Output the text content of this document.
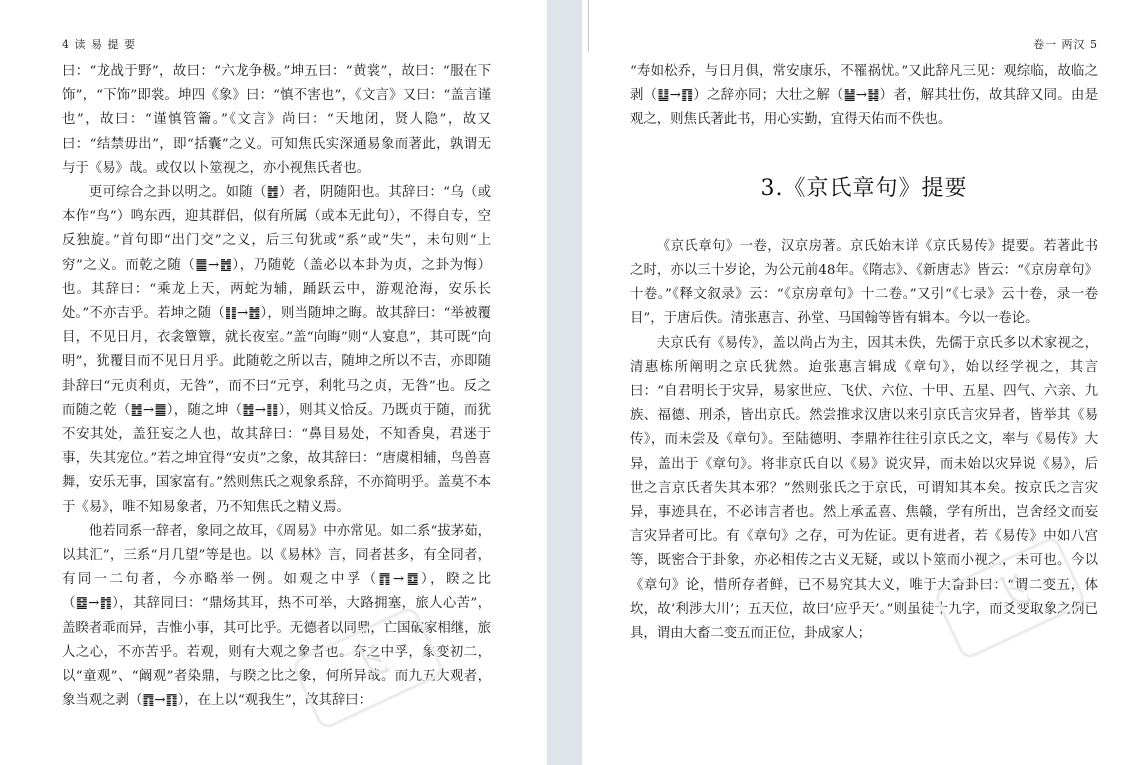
4 读 易 提 要

曰：“龙战于野”，故曰：“六龙争极。”坤五曰：“黄裳”，故曰：“服在下饰”，“下饰”即裳。坤四《象》曰：“慎不害也”，《文言》又曰：“盖言谨也”，故曰：“谨慎管籥。”《文言》尚曰：“天地闭，贤人隐”，故又曰：“结禁毋出”，即“括囊”之义。可知焦氏实深通易象而著此，孰谓无与于《易》哉。或仅以卜筮视之，亦小视焦氏者也。

更可综合之卦以明之。如随（䷐）者，阴随阳也。其辞曰：“乌（或本作“鸟”）鸣东西，迎其群侣，似有所属（或本无此句），不得自专，空反独旋。”首句即“出门交”之义，后三句犹或“系”或“失”，未句则“上穷”之义。而乾之随（䷀→䷐），乃随乾（盖必以本卦为贞，之卦为悔）也。其辞曰：“乘龙上天，两蛇为辅，踊跃云中，游观沧海，安乐长处。”不亦吉乎。若坤之随（䷁→䷐），则当随坤之晦。故其辞曰：“举被覆目，不见日月，衣衾簟簟，就长夜室。”盖“向晦”则“人宴息”，其可既“向明”，犹覆目而不见日月乎。此随乾之所以吉，随坤之所以不吉，亦即随卦辞曰“元贞利贞，无咎”，而不曰“元亨，利牝马之贞，无咎”也。反之而随之乾（䷐→䷀），随之坤（䷐→䷁），则其义恰反。乃既贞于随，而犹不安其处，盖狂妄之人也，故其辞曰：“鼻目易处，不知香臭，君迷于事，失其宠位。”若之坤宜得“安贞”之象，故其辞曰：“唐虞相辅，鸟兽喜舞，安乐无事，国家富有。”然则焦氏之观象系辞，不亦简明乎。盖莫不本于《易》，唯不知易象者，乃不知焦氏之精义焉。

他若同系一辞者，象同之故耳，《周易》中亦常见。如二系“拔茅茹，以其汇”，三系“月几望”等是也。以《易林》言，同者甚多，有全同者，有同一二句者，今亦略举一例。如观之中孚（䷓→䷼），睽之比（䷥→䷇），其辞同曰：“鼎炀其耳，热不可举，大路拥塞，旅人心苦”，盖睽者乖而异，吉惟小事，其可比乎。无德者以同鼎，亡国破家相继，旅人之心，不亦苦乎。若观，则有大观之象者也。奈之中孚，象变初二，以“童观”、“阚观”者染鼎，与睽之比之象，何所异哉。而九五大观者，象当观之剥（䷓→䷖），在上以“观我生”，故其辞曰：

飞
卷一 两汉 5

“寿如松乔，与日月俱，常安康乐，不罹祸忧。”又此辞凡三见：观综临，故临之剥（䷒→䷖）之辞亦同；大壮之解（䷡→䷧）者，解其壮伤，故其辞又同。由是观之，则焦氏著此书，用心实勤，宜得天佑而不佚也。

3.《京氏章句》提要

《京氏章句》一卷，汉京房著。京氏始末详《京氏易传》提要。若著此书之时，亦以三十岁论，为公元前48年。《隋志》、《新唐志》皆云：“《京房章句》十卷。”《释文叙录》云：“《京房章句》十二卷。”又引“《七录》云十卷，录一卷目”，于唐后佚。清张惠言、孙堂、马国翰等皆有辑本。今以一卷论。

夫京氏有《易传》，盖以尚占为主，因其未佚，先儒于京氏多以术家视之，清惠栋所阐明之京氏犹然。迨张惠言辑成《章句》，始以经学视之，其言曰：“自君明长于灾异，易家世应、飞伏、六位、十甲、五星、四气、六亲、九族、福德、刑杀，皆出京氏。然尝推求汉唐以来引京氏言灾异者，皆举其《易传》，而未尝及《章句》。至陆德明、李鼎祚往往引京氏之文，率与《易传》大异，盖出于《章句》。将非京氏自以《易》说灾异，而未始以灾异说《易》，后世之言京氏者失其本邪？”然则张氏之于京氏，可谓知其本矣。按京氏之言灾异，事迹具在，不必讳言者也。然上承孟喜、焦赣，学有所出，岂舍经文而妄言灾异者可比。有《章句》之存，可为佐证。更有进者，若《易传》中如八宫等，既密合于卦象，亦必相传之古义无疑，或以卜筮而小视之，未可也。今以《章句》论，惜所存者鲜，已不易究其大义，唯于大畜卦曰：“谓二变五，体坎，故‘利涉大川’；五天位，故曰‘应乎天’。”则虽徒十九字，而爻变取象之例已具，谓由大畜二变五而正位，卦成家人；

飞
